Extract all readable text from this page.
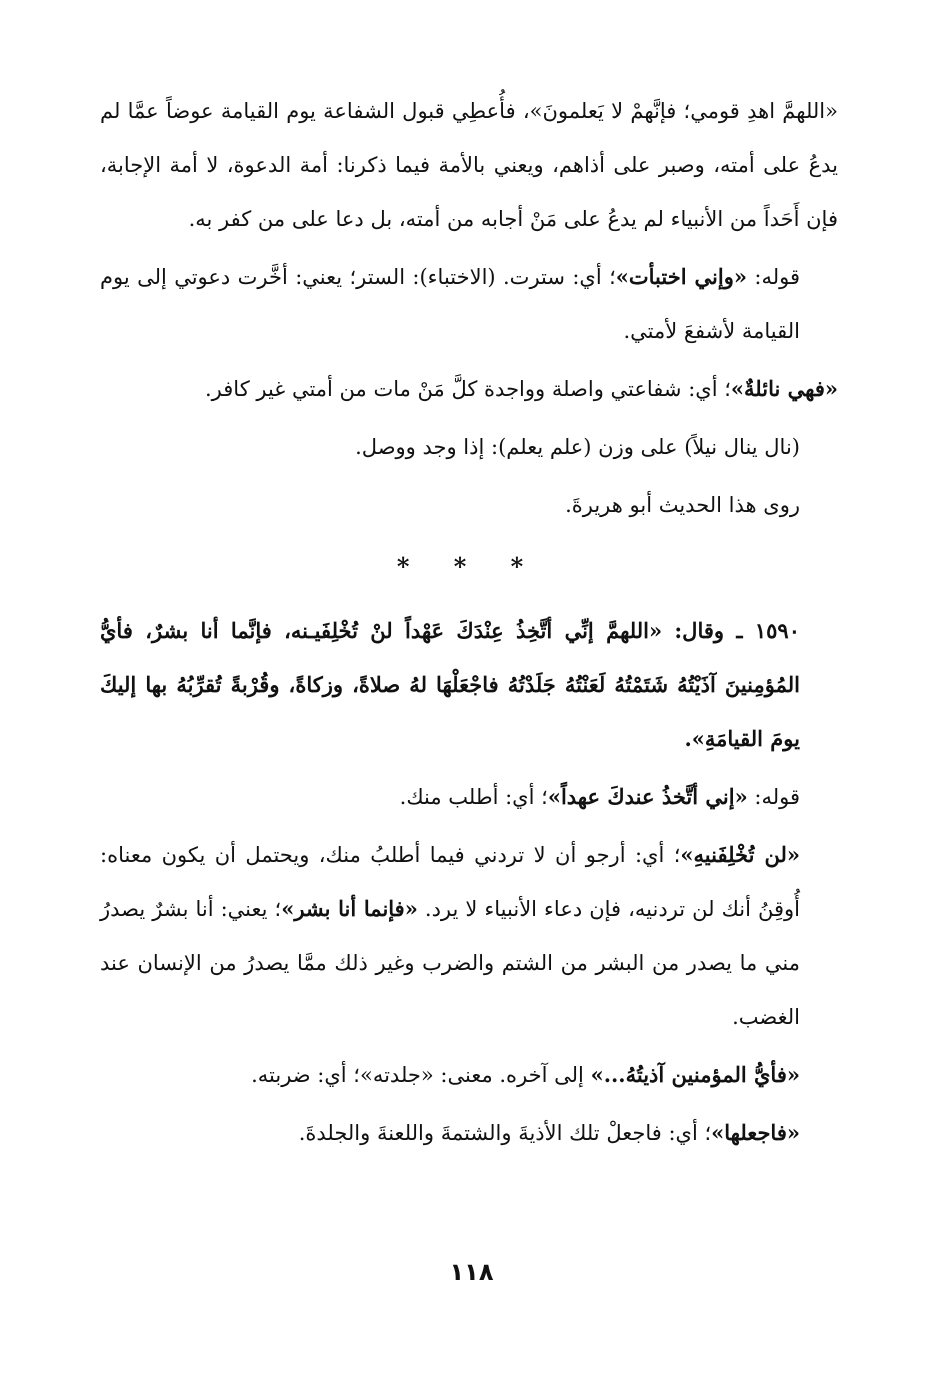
«اللهمَّ اهدِ قومي؛ فإنَّهمْ لا يَعلمونَ»، فأُعطِي قبول الشفاعة يوم القيامة عوضاً عمَّا لم يدعُ على أمته، وصبر على أذاهم، ويعني بالأمة فيما ذكرنا: أمة الدعوة، لا أمة الإجابة، فإن أَحَداً من الأنبياء لم يدعُ على مَنْ أجابه من أمته، بل دعا على من كفر به.

قوله: «وإني اختبأت»؛ أي: سترت. (الاختباء): الستر؛ يعني: أخَّرت دعوتي إلى يوم القيامة لأشفعَ لأمتي.

«فهي نائلةٌ»؛ أي: شفاعتي واصلة وواجدة كلَّ مَنْ مات من أمتي غير كافر.

(نال ينال نيلاً) على وزن (علم يعلم): إذا وجد ووصل.

روى هذا الحديث أبو هريرةَ.

* * *

١٥٩٠ ـ وقال: «اللهمَّ إنِّي أتَّخِذُ عِنْدَكَ عَهْداً لنْ تُخْلِفَيـنه، فإنَّما أنا بشرٌ، فأيُّ المُؤمِنينَ آذَيْتُهُ شَتَمْتُهُ لَعَنْتُهُ جَلَدْتُهُ فاجْعَلْهَا لهُ صلاةً، وزكاةً، وقُرْبةً تُقرِّبُهُ بها إليكَ يومَ القيامَةِ».

قوله: «إني أتَّخذُ عندكَ عهداً»؛ أي: أطلب منك.

«لن تُخْلِفَنيهِ»؛ أي: أرجو أن لا تردني فيما أطلبُ منك، ويحتمل أن يكون معناه: أُوقِنُ أنك لن تردنيه، فإن دعاء الأنبياء لا يرد. «فإنما أنا بشر»؛ يعني: أنا بشرٌ يصدرُ مني ما يصدر من البشر من الشتم والضرب وغير ذلك ممَّا يصدرُ من الإنسان عند الغضب.

«فأيُّ المؤمنين آذيتُهُ...» إلى آخره. معنى: «جلدته»؛ أي: ضربته.

«فاجعلها»؛ أي: فاجعلْ تلك الأذيةَ والشتمةَ واللعنةَ والجلدةَ.

١١٨
